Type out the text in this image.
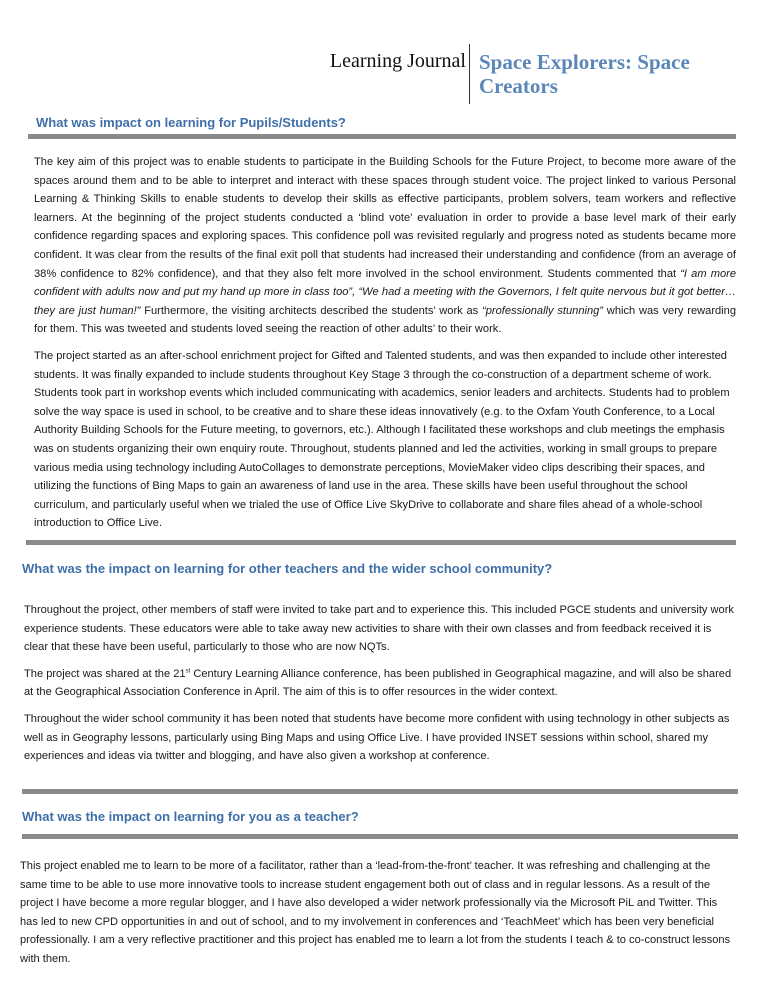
Learning Journal Space Explorers: Space Creators
What was impact on learning for Pupils/Students?

The key aim of this project was to enable students to participate in the Building Schools for the Future Project, to become more aware of the spaces around them and to be able to interpret and interact with these spaces through student voice. The project linked to various Personal Learning & Thinking Skills to enable students to develop their skills as effective participants, problem solvers, team workers and reflective learners. At the beginning of the project students conducted a ‘blind vote’ evaluation in order to provide a base level mark of their early confidence regarding spaces and exploring spaces. This confidence poll was revisited regularly and progress noted as students became more confident. It was clear from the results of the final exit poll that students had increased their understanding and confidence (from an average of 38% confidence to 82% confidence), and that they also felt more involved in the school environment. Students commented that “I am more confident with adults now and put my hand up more in class too”, “We had a meeting with the Governors, I felt quite nervous but it got better…they are just human!” Furthermore, the visiting architects described the students’ work as “professionally stunning” which was very rewarding for them. This was tweeted and students loved seeing the reaction of other adults’ to their work.

The project started as an after-school enrichment project for Gifted and Talented students, and was then expanded to include other interested students. It was finally expanded to include students throughout Key Stage 3 through the co-construction of a department scheme of work. Students took part in workshop events which included communicating with academics, senior leaders and architects. Students had to problem solve the way space is used in school, to be creative and to share these ideas innovatively (e.g. to the Oxfam Youth Conference, to a Local Authority Building Schools for the Future meeting, to governors, etc.). Although I facilitated these workshops and club meetings the emphasis was on students organizing their own enquiry route. Throughout, students planned and led the activities, working in small groups to prepare various media using technology including AutoCollages to demonstrate perceptions, MovieMaker video clips describing their spaces, and utilizing the functions of Bing Maps to gain an awareness of land use in the area. These skills have been useful throughout the school curriculum, and particularly useful when we trialed the use of Office Live SkyDrive to collaborate and share files ahead of a whole-school introduction to Office Live.

What was the impact on learning for other teachers and the wider school community?

Throughout the project, other members of staff were invited to take part and to experience this. This included PGCE students and university work experience students. These educators were able to take away new activities to share with their own classes and from feedback received it is clear that these have been useful, particularly to those who are now NQTs.

The project was shared at the 21st Century Learning Alliance conference, has been published in Geographical magazine, and will also be shared at the Geographical Association Conference in April. The aim of this is to offer resources in the wider context.

Throughout the wider school community it has been noted that students have become more confident with using technology in other subjects as well as in Geography lessons, particularly using Bing Maps and using Office Live. I have provided INSET sessions within school, shared my experiences and ideas via twitter and blogging, and have also given a workshop at conference.

What was the impact on learning for you as a teacher?

This project enabled me to learn to be more of a facilitator, rather than a ‘lead-from-the-front’ teacher. It was refreshing and challenging at the same time to be able to use more innovative tools to increase student engagement both out of class and in regular lessons. As a result of the project I have become a more regular blogger, and I have also developed a wider network professionally via the Microsoft PiL and Twitter. This has led to new CPD opportunities in and out of school, and to my involvement in conferences and ‘TeachMeet’ which has been very beneficial professionally. I am a very reflective practitioner and this project has enabled me to learn a lot from the students I teach & to co-construct lessons with them.
